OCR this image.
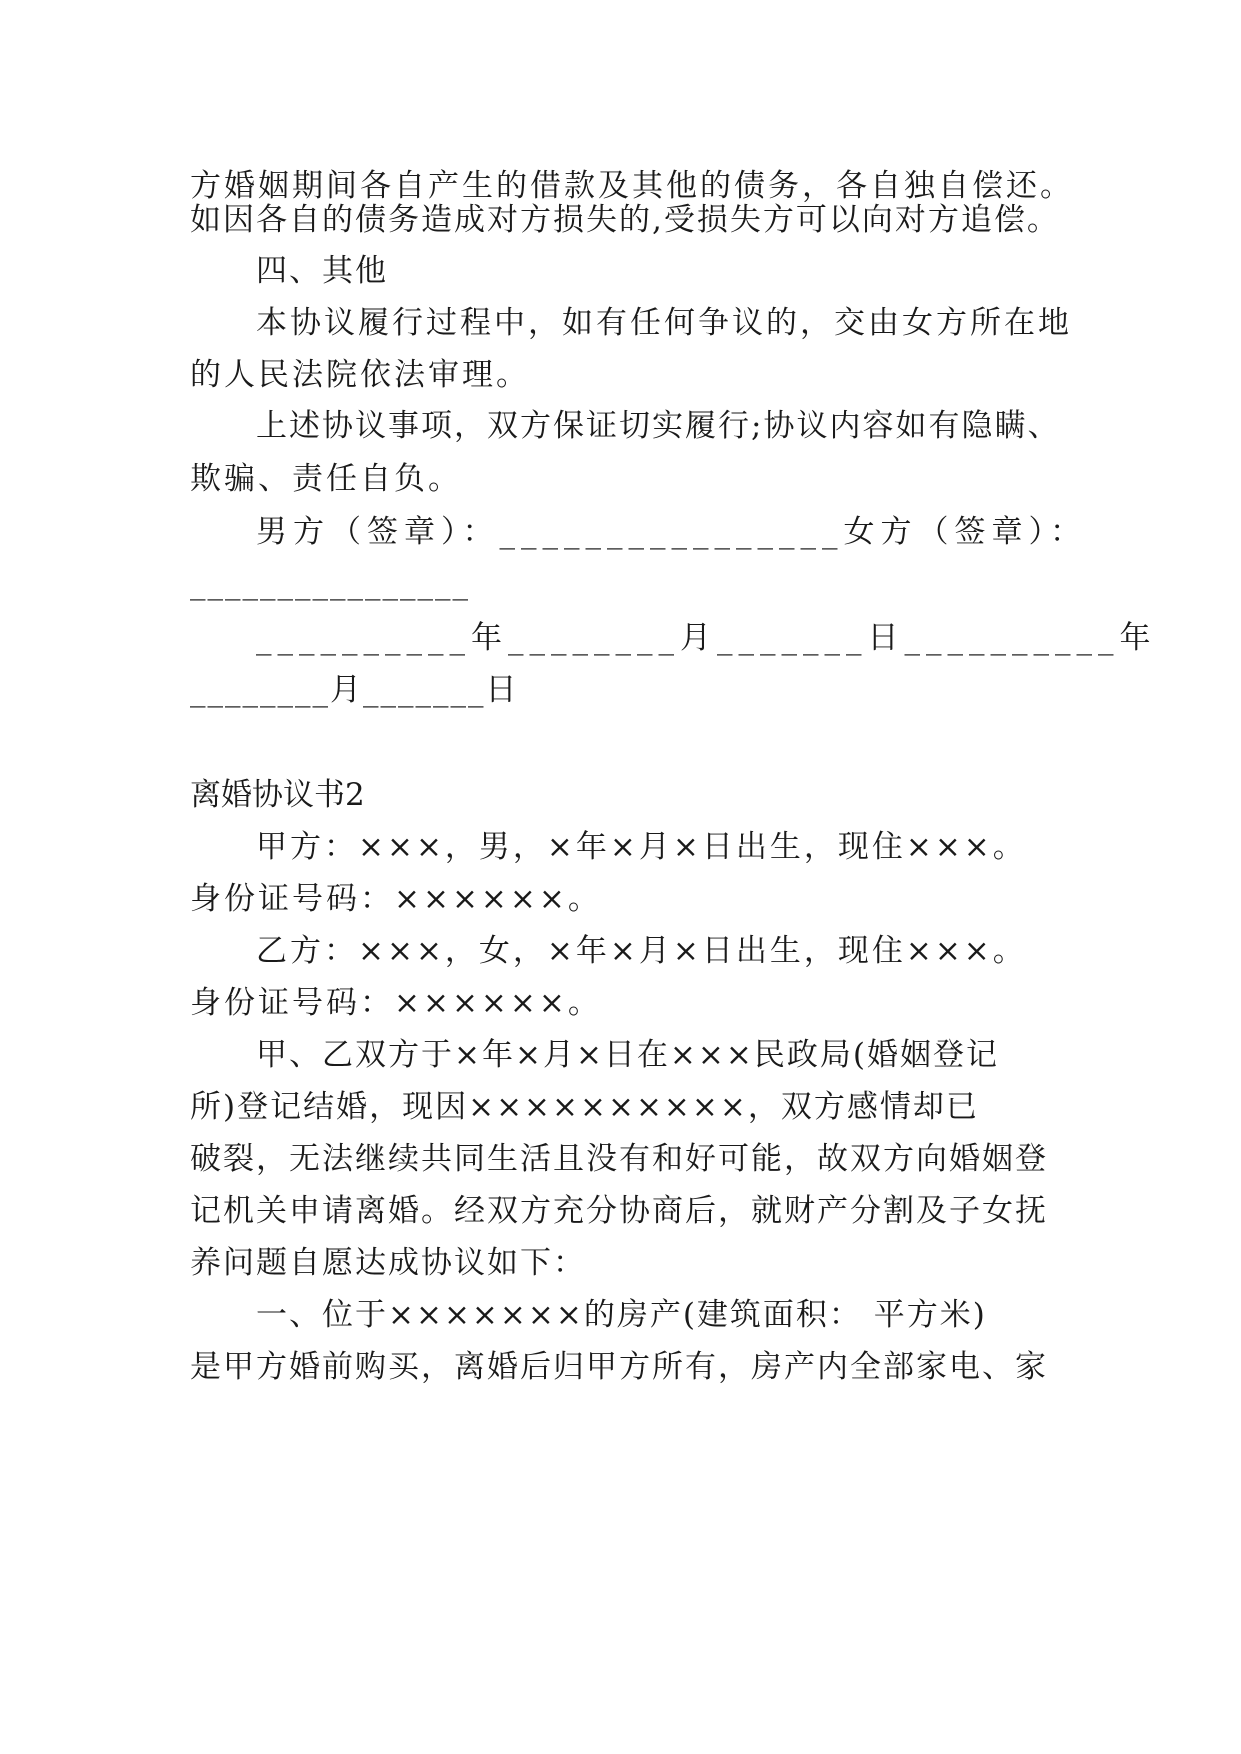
方婚姻期间各自产生的借款及其他的债务，各自独自偿还。

如因各自的债务造成对方损失的,受损失方可以向对方追偿。

四、其他

本协议履行过程中，如有任何争议的，交由女方所在地

的人民法院依法审理。

上述协议事项，双方保证切实履行;协议内容如有隐瞒、

欺骗、责任自负。

男方（签章）：________________女方（签章）：

________________

__________年________月_______日__________年

________月_______日

离婚协议书2

甲方：×××，男，×年×月×日出生，现住×××。

身份证号码：××××××。

乙方：×××，女，×年×月×日出生，现住×××。

身份证号码：××××××。

甲、乙双方于×年×月×日在×××民政局(婚姻登记

所)登记结婚，现因××××××××××，双方感情却已

破裂，无法继续共同生活且没有和好可能，故双方向婚姻登

记机关申请离婚。经双方充分协商后，就财产分割及子女抚

养问题自愿达成协议如下：

一、位于×××××××的房产(建筑面积： 平方米)

是甲方婚前购买，离婚后归甲方所有，房产内全部家电、家
